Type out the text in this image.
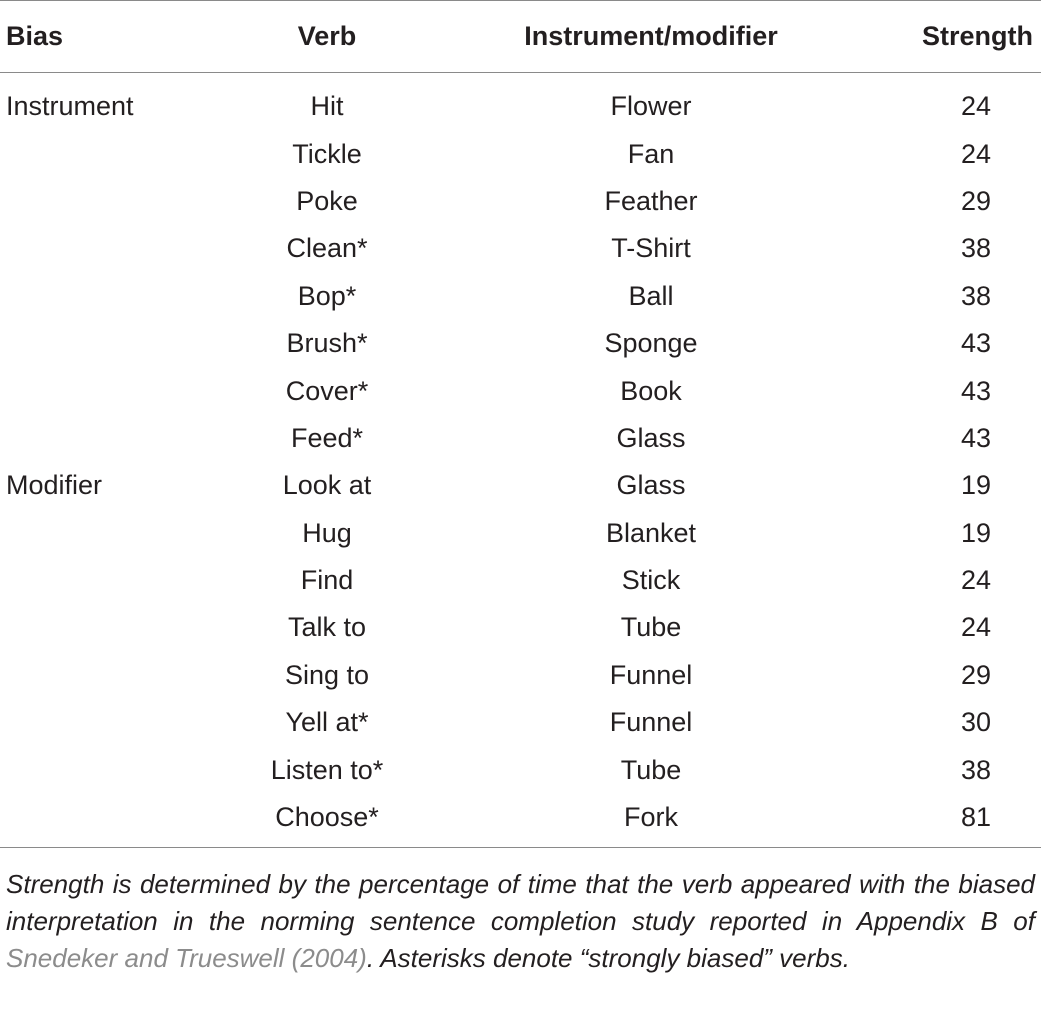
Bias	Verb	Instrument/modifier	Strength
Instrument	Hit	Flower	24
	Tickle	Fan	24
	Poke	Feather	29
	Clean*	T-Shirt	38
	Bop*	Ball	38
	Brush*	Sponge	43
	Cover*	Book	43
	Feed*	Glass	43
Modifier	Look at	Glass	19
	Hug	Blanket	19
	Find	Stick	24
	Talk to	Tube	24
	Sing to	Funnel	29
	Yell at*	Funnel	30
	Listen to*	Tube	38
	Choose*	Fork	81

Strength is determined by the percentage of time that the verb appeared with the biased interpretation in the norming sentence completion study reported in Appendix B of Snedeker and Trueswell (2004). Asterisks denote “strongly biased” verbs.
